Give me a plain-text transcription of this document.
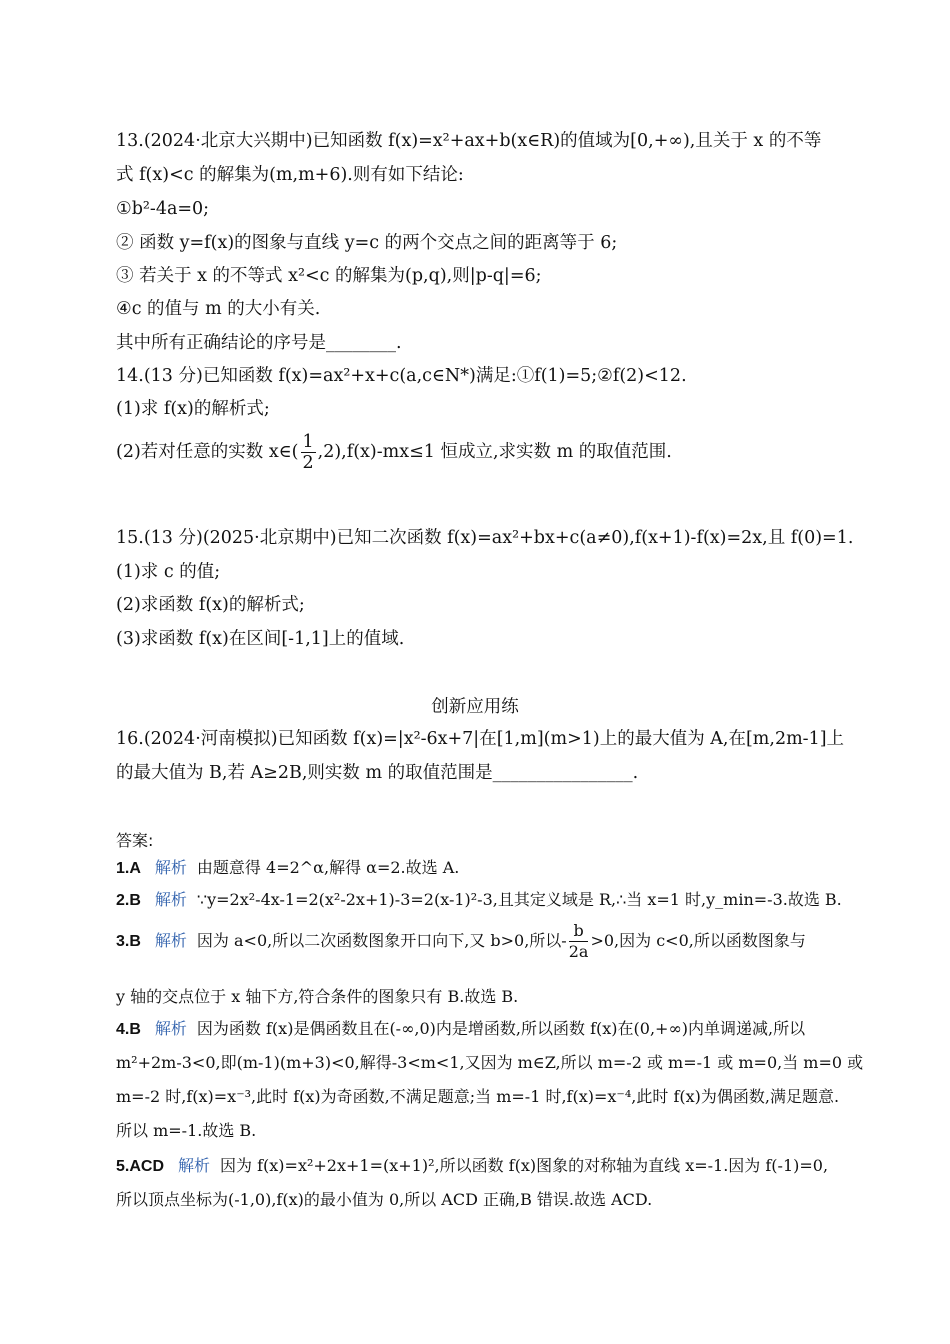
13.(2024·北京大兴期中)已知函数 f(x)=x²+ax+b(x∈R)的值域为[0,+∞),且关于 x 的不等
式 f(x)<c 的解集为(m,m+6).则有如下结论:
①b²-4a=0;
② 函数 y=f(x)的图象与直线 y=c 的两个交点之间的距离等于 6;
③ 若关于 x 的不等式 x²<c 的解集为(p,q),则|p-q|=6;
④c 的值与 m 的大小有关.
其中所有正确结论的序号是________.
14.(13 分)已知函数 f(x)=ax²+x+c(a,c∈N*)满足:①f(1)=5;②f(2)<12.
(1)求 f(x)的解析式;
(2)若对任意的实数 x∈( $\frac{1}{2} ,2),f(x)-mx\le 1$ 恒成立,求实数 m 的取值范围.
15.(13 分)(2025·北京期中)已知二次函数 f(x)=ax²+bx+c(a≠0),f(x+1)-f(x)=2x,且 f(0)=1.
(1)求 c 的值;
(2)求函数 f(x)的解析式;
(3)求函数 f(x)在区间[-1,1]上的值域.
创新应用练
16.(2024·河南模拟)已知函数 f(x)=|x²-6x+7|在[1,m](m>1)上的最大值为 A,在[m,2m-1]上
的最大值为 B,若 A≥2B,则实数 m 的取值范围是________________.
答案:
1.A 解析 由题意得 4=2^α,解得 α=2.故选 A.
2.B 解析 ∵y=2x²-4x-1=2(x²-2x+1)-3=2(x-1)²-3,且其定义域是 R,∴当 x=1 时,y_min=-3.故选 B.
3.B 解析 因为 a<0,所以二次函数图象开口向下,又 b>0,所以- $\frac{b}{2a} >0$,因为 c<0,所以函数图象与
y 轴的交点位于 x 轴下方,符合条件的图象只有 B.故选 B.
4.B 解析 因为函数 f(x)是偶函数且在(-∞,0)内是增函数,所以函数 f(x)在(0,+∞)内单调递减,所以
m²+2m-3<0,即(m-1)(m+3)<0,解得-3<m<1,又因为 m∈Z,所以 m=-2 或 m=-1 或 m=0,当 m=0 或
m=-2 时,f(x)=x⁻³,此时 f(x)为奇函数,不满足题意;当 m=-1 时,f(x)=x⁻⁴,此时 f(x)为偶函数,满足题意.
所以 m=-1.故选 B.
5.ACD 解析 因为 f(x)=x²+2x+1=(x+1)²,所以函数 f(x)图象的对称轴为直线 x=-1.因为 f(-1)=0,
所以顶点坐标为(-1,0),f(x)的最小值为 0,所以 ACD 正确,B 错误.故选 ACD.
